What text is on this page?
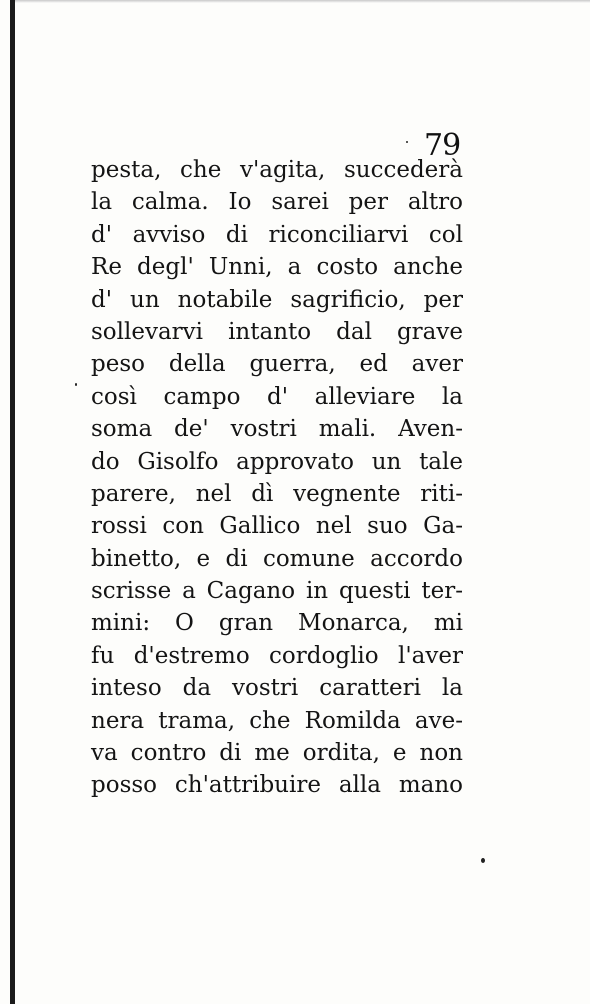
79
pesta, che v'agita, succederà
la calma. Io sarei per altro
d' avviso di riconciliarvi col
Re degl' Unni, a costo anche
d' un notabile sagrificio, per
sollevarvi intanto dal grave
peso della guerra, ed aver
così campo d' alleviare la
soma de' vostri mali. Aven-
do Gisolfo approvato un tale
parere, nel dì vegnente riti-
rossi con Gallico nel suo Ga-
binetto, e di comune accordo
scrisse a Cagano in questi ter-
mini: O gran Monarca, mi
fu d'estremo cordoglio l'aver
inteso da vostri caratteri la
nera trama, che Romilda ave-
va contro di me ordita, e non
posso ch'attribuire alla mano
